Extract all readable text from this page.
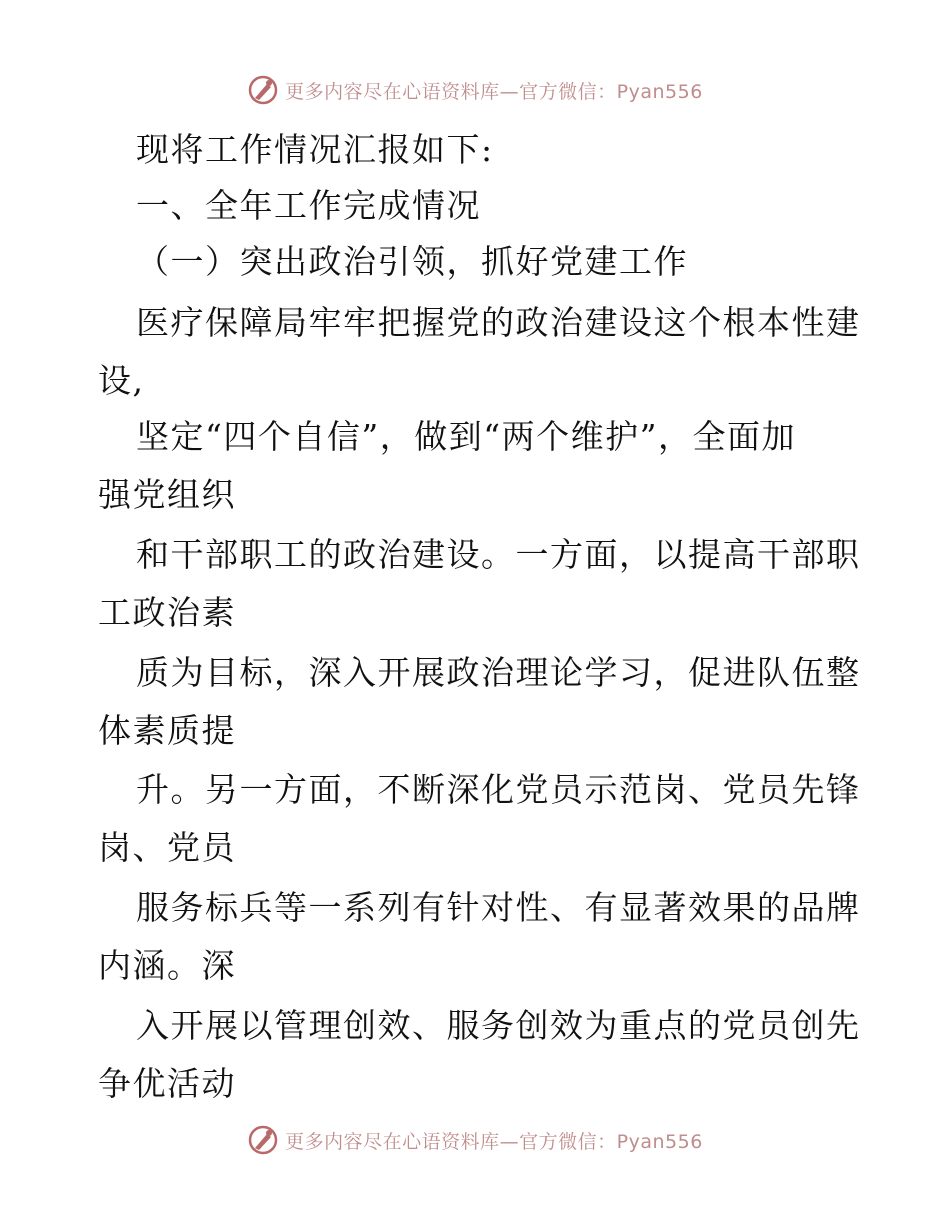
更多内容尽在心语资料库—官方微信：Pyan556
现将工作情况汇报如下:
一、全年工作完成情况
（一）突出政治引领，抓好党建工作
医疗保障局牢牢把握党的政治建设这个根本性建
设,
坚定“四个自信”，做到“两个维护”，全面加
强党组织
和干部职工的政治建设。一方面，以提高干部职
工政治素
质为目标，深入开展政治理论学习，促进队伍整
体素质提
升。另一方面，不断深化党员示范岗、党员先锋
岗、党员
服务标兵等一系列有针对性、有显著效果的品牌
内涵。深
入开展以管理创效、服务创效为重点的党员创先
争优活动
更多内容尽在心语资料库—官方微信：Pyan556
